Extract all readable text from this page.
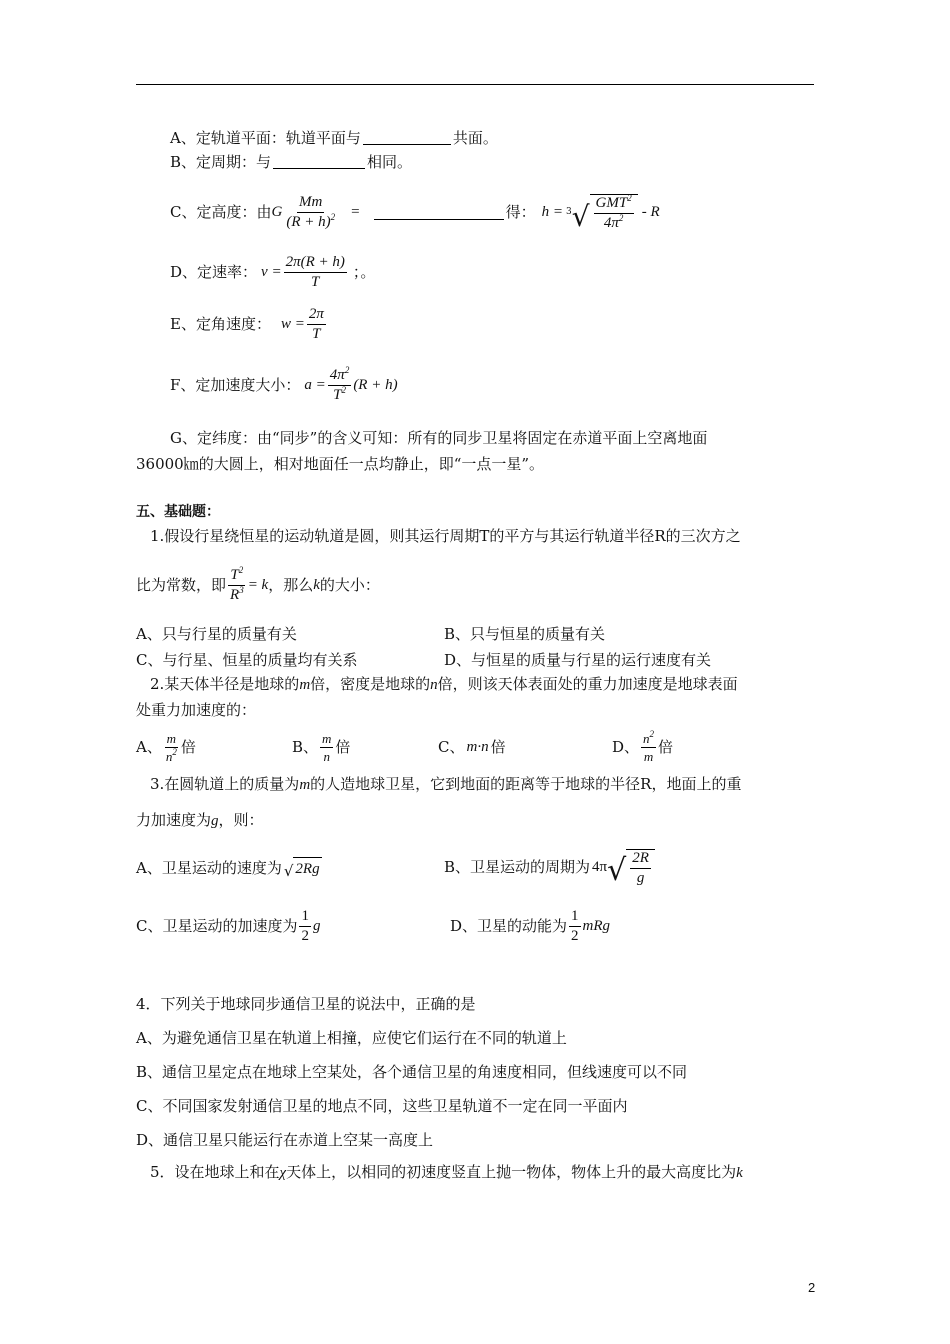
A、定轨道平面：轨道平面与	共面。
B、定周期：与	相同。
C、定高度：由 G $\frac{Mm}{(R + h)^2}$ =	得： h = 3 √ $\frac{GMT^2}{4\pi^2}$ - R
D、定速率： $v = \frac{2\pi(R + h)}{T}$ ；。
E、定角速度： $w = \frac{2\pi}{T}$
F、定加速度大小： $a = \frac{4\pi^2}{T^2} (R + h)$
G、定纬度：由“同步”的含义可知：所有的同步卫星将固定在赤道平面上空离地面
36000㎞的大圆上，相对地面任一点均静止，即“一点一星”。
五、基础题：
1.假设行星绕恒星的运动轨道是圆，则其运行周期T的平方与其运行轨道半径R的三次方之
比为常数，即 $\frac{T^2}{R^3} = k$ ，那么 k 的大小：
A、只与行星的质量有关	B、只与恒星的质量有关
C、与行星、恒星的质量均有关系	D、与恒星的质量与行星的运行速度有关
2.某天体半径是地球的m倍，密度是地球的n倍，则该天体表面处的重力加速度是地球表面
处重力加速度的：
A、 $\frac{m}{n^2}$ 倍	B、 $\frac{m}{n}$ 倍	C、 m·n 倍	D、 $\frac{n^2}{m}$ 倍
3.在圆轨道上的质量为m的人造地球卫星，它到地面的距离等于地球的半径R，地面上的重
力加速度为g，则：
A、卫星运动的速度为 √ 2Rg	B、卫星运动的周期为 4π √ $\frac{2R}{g}$
C、卫星运动的加速度为 $\frac{1}{2}$ g	D、卫星的动能为 $\frac{1}{2}$ mRg
4．下列关于地球同步通信卫星的说法中，正确的是
A、为避免通信卫星在轨道上相撞，应使它们运行在不同的轨道上
B、通信卫星定点在地球上空某处，各个通信卫星的角速度相同，但线速度可以不同
C、不同国家发射通信卫星的地点不同，这些卫星轨道不一定在同一平面内
D、通信卫星只能运行在赤道上空某一高度上
5．设在地球上和在χ天体上，以相同的初速度竖直上抛一物体，物体上升的最大高度比为k
2
